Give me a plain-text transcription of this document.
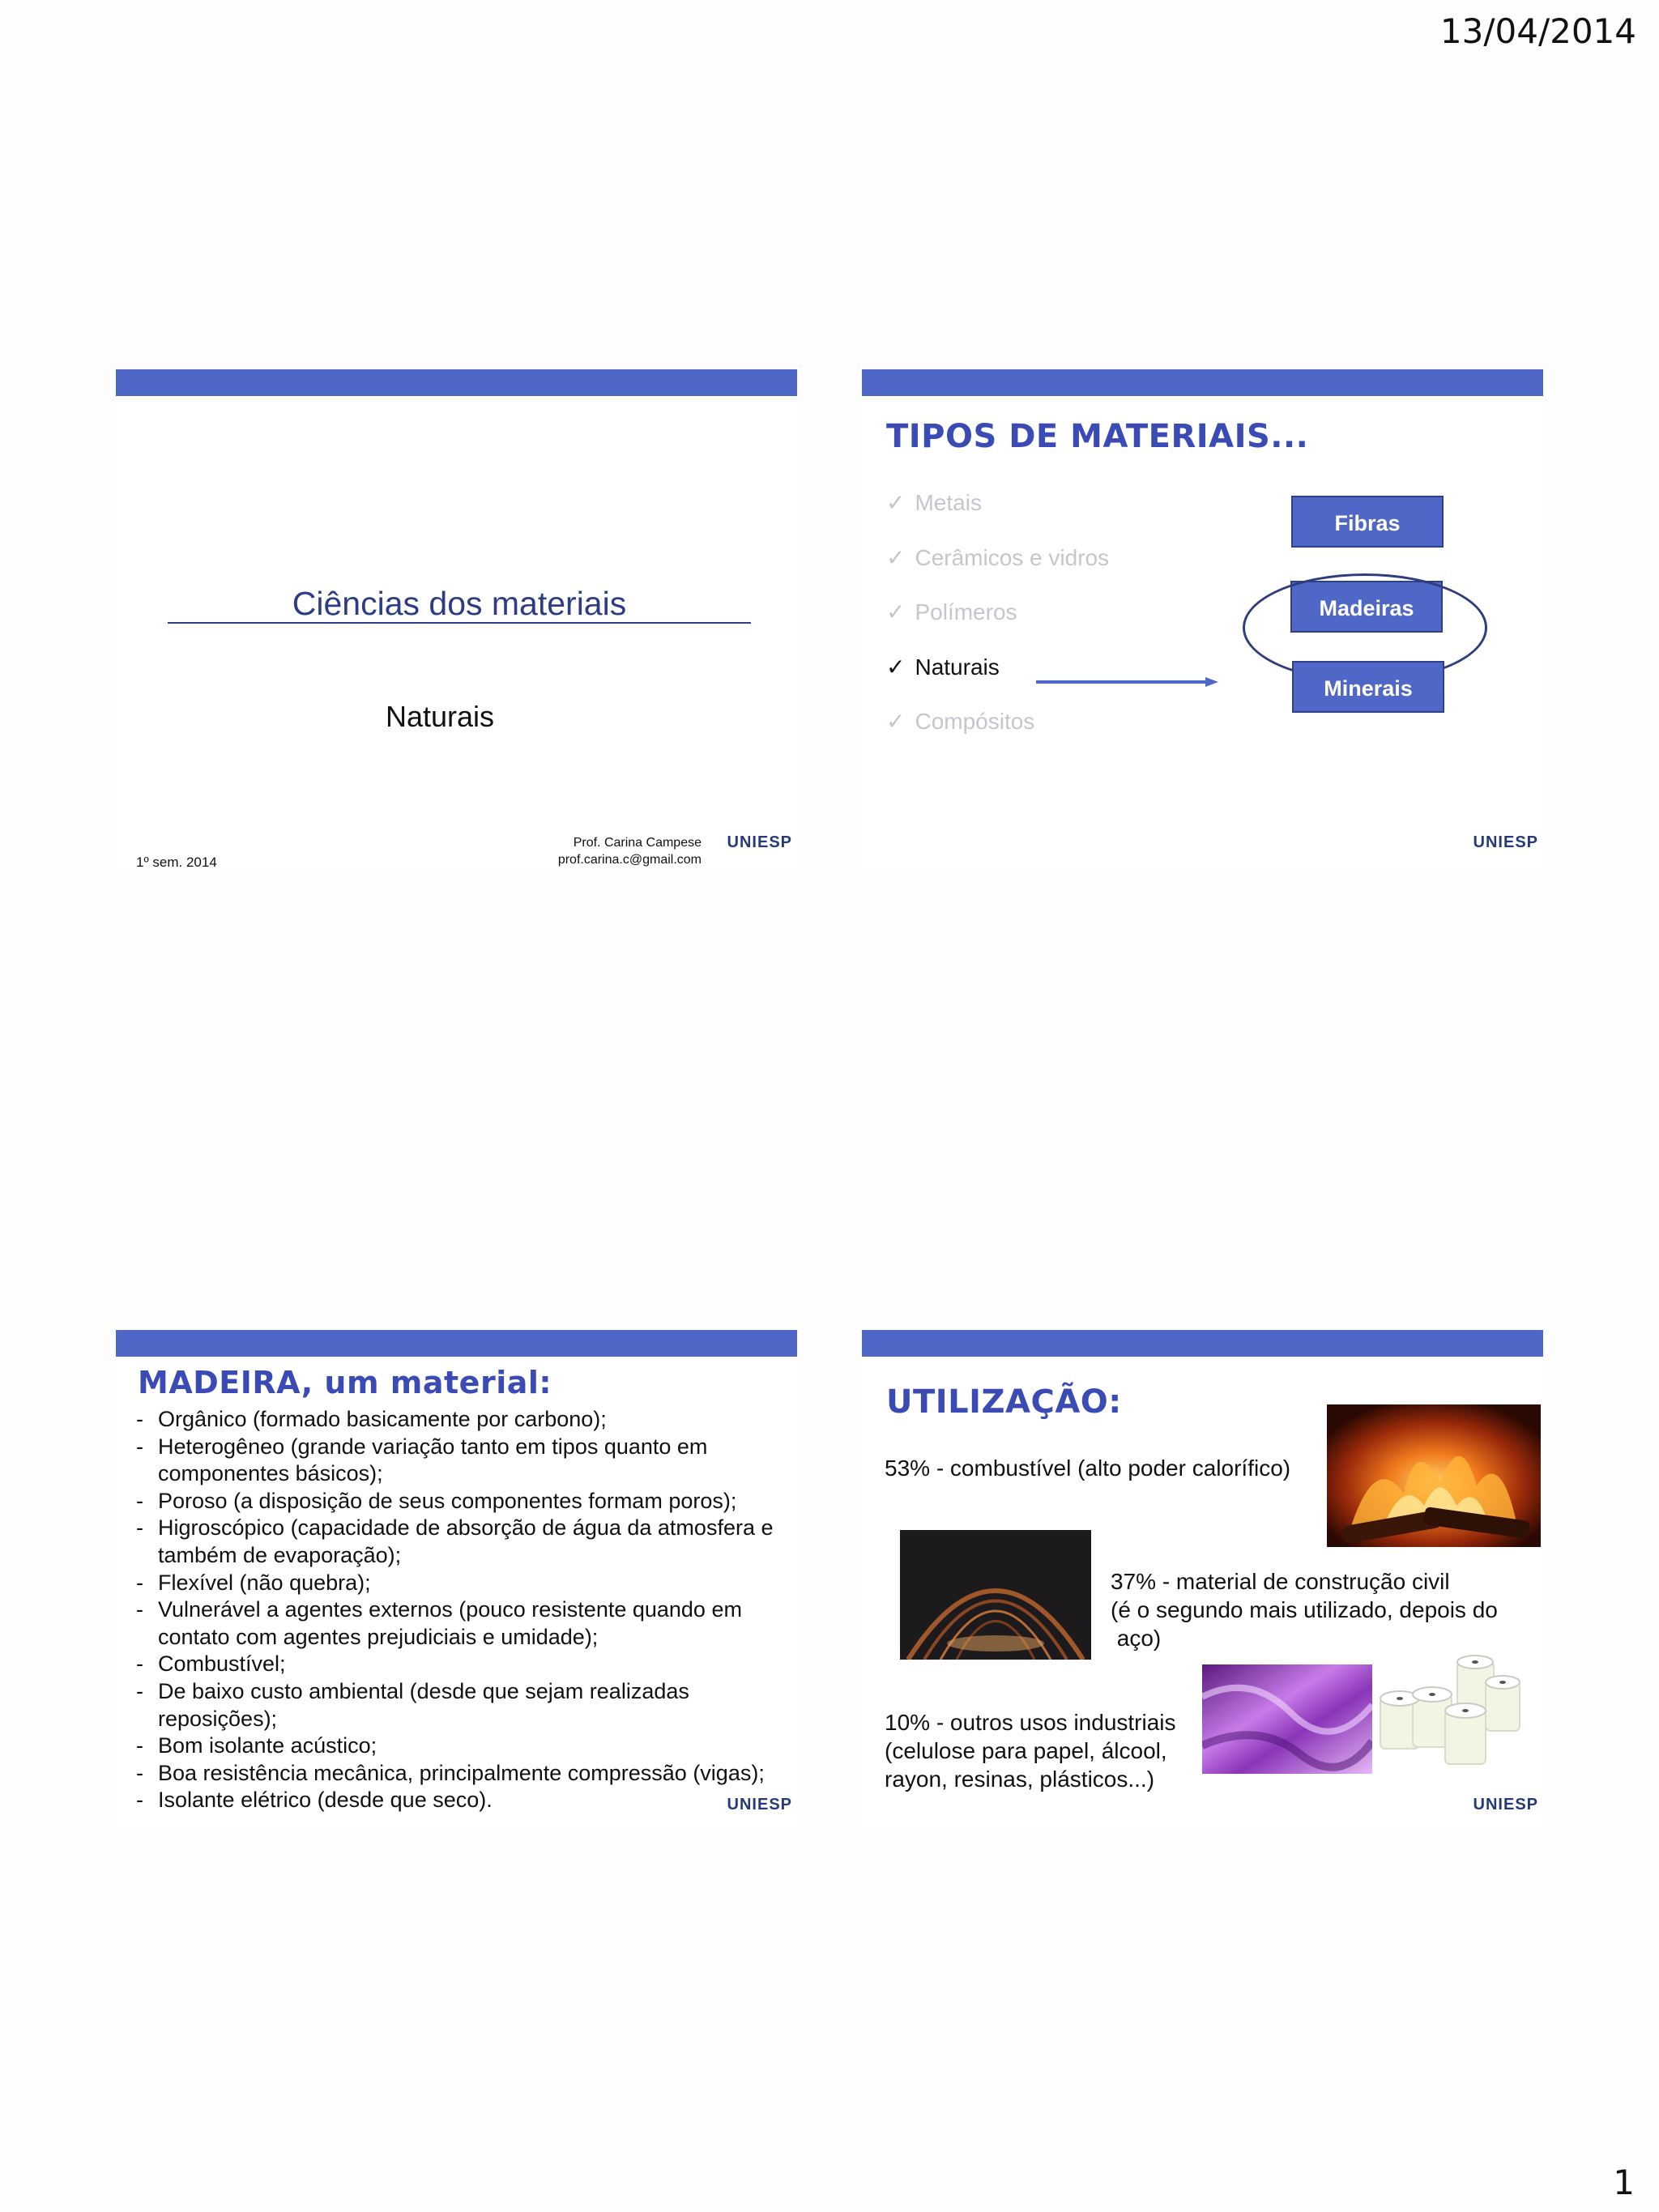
13/04/2014
Ciências dos materiais
Naturais
1º sem. 2014
Prof. Carina Campese
prof.carina.c@gmail.com
UNIESP
TIPOS DE MATERIAIS...
✓ Metais
✓ Cerâmicos e vidros
✓ Polímeros
✓ Naturais
✓ Compósitos
Fibras
Madeiras
Minerais
UNIESP
MADEIRA, um material:
- Orgânico (formado basicamente por carbono);
- Heterogêneo (grande variação tanto em tipos quanto em componentes básicos);
- Poroso (a disposição de seus componentes formam poros);
- Higroscópico (capacidade de absorção de água da atmosfera e também de evaporação);
- Flexível (não quebra);
- Vulnerável a agentes externos (pouco resistente quando em contato com agentes prejudiciais e umidade);
- Combustível;
- De baixo custo ambiental (desde que sejam realizadas reposições);
- Bom isolante acústico;
- Boa resistência mecânica, principalmente compressão (vigas);
- Isolante elétrico (desde que seco).	UNIESP
UTILIZAÇÃO:
53% - combustível (alto poder calorífico)
37% - material de construção civil
(é o segundo mais utilizado, depois do
aço)
10% - outros usos industriais
(celulose para papel, álcool,
rayon, resinas, plásticos...)
UNIESP
1
